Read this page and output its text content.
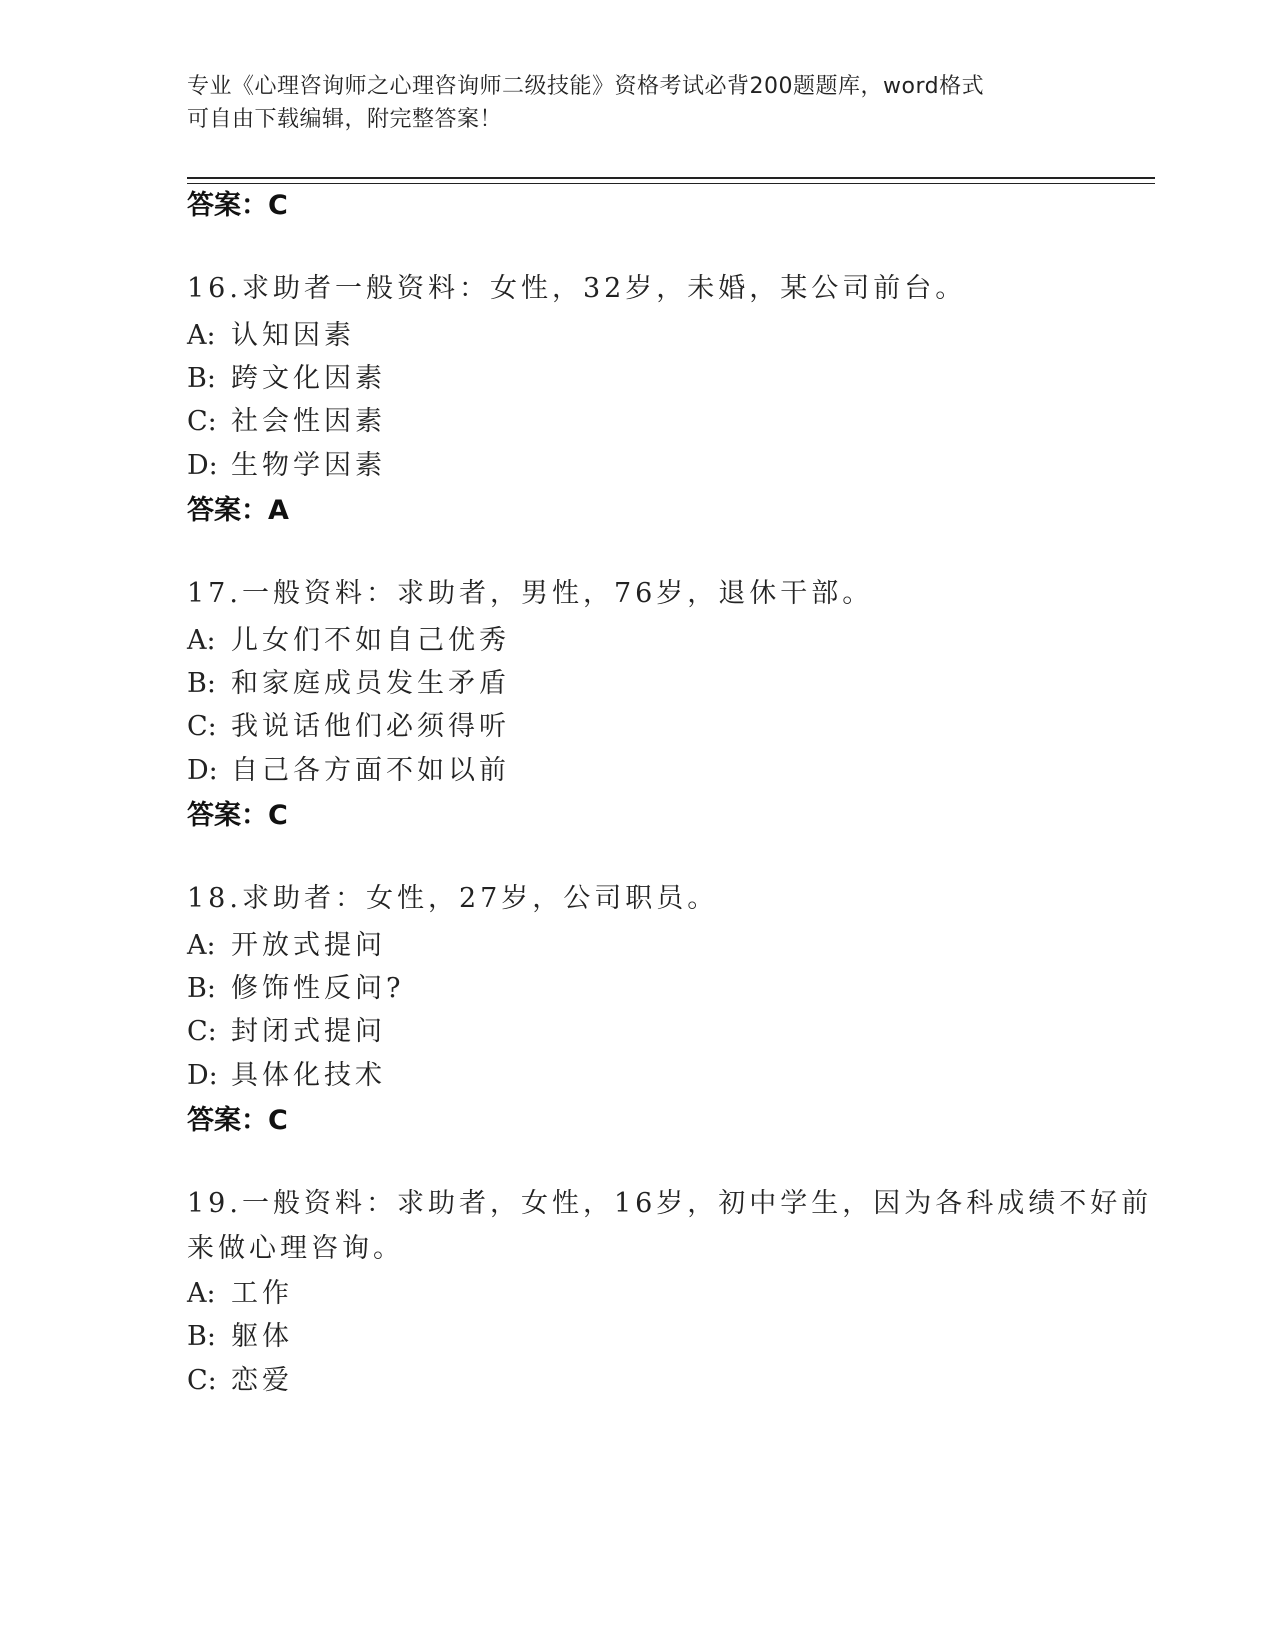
专业《心理咨询师之心理咨询师二级技能》资格考试必背200题题库，word格式
可自由下载编辑，附完整答案！
答案：C
16.求助者一般资料：女性，32岁，未婚，某公司前台。
A: 认知因素
B: 跨文化因素
C: 社会性因素
D: 生物学因素
答案：A
17.一般资料：求助者，男性，76岁，退休干部。
A: 儿女们不如自己优秀
B: 和家庭成员发生矛盾
C: 我说话他们必须得听
D: 自己各方面不如以前
答案：C
18.求助者：女性，27岁，公司职员。
A: 开放式提问
B: 修饰性反问?
C: 封闭式提问
D: 具体化技术
答案：C
19.一般资料：求助者，女性，16岁，初中学生，因为各科成绩不好前
来做心理咨询。
A: 工作
B: 躯体
C: 恋爱
